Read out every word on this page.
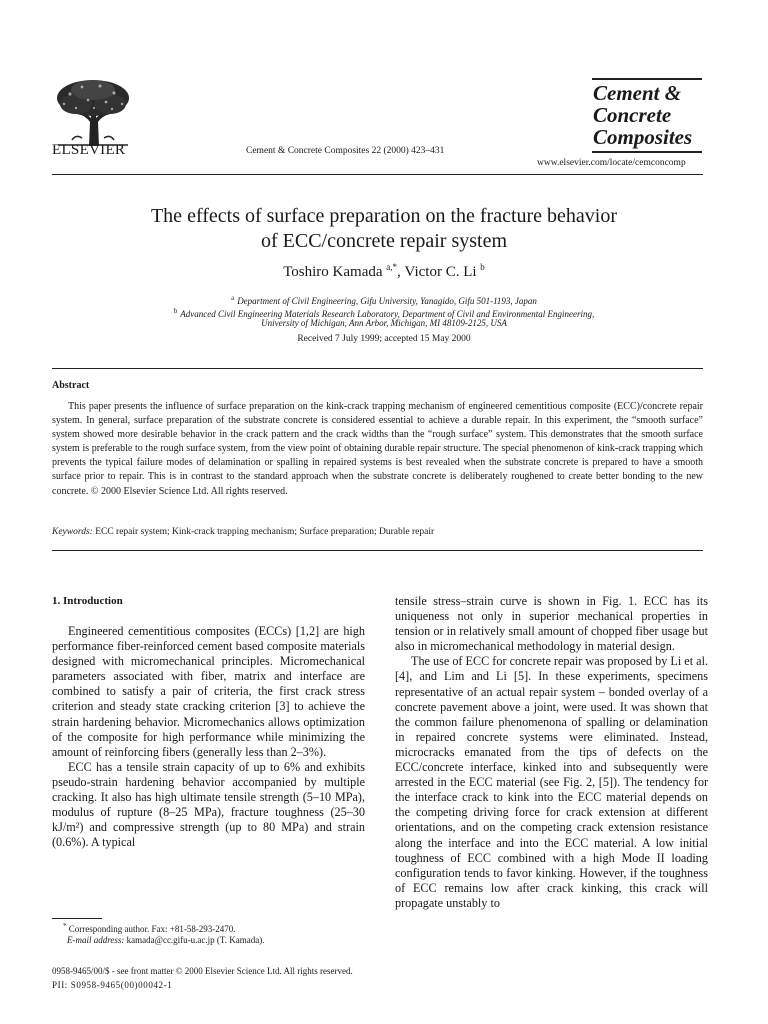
ELSEVIER	Cement & Concrete Composites 22 (2000) 423–431
Cement &
Concrete
Composites
www.elsevier.com/locate/cemconcomp
The effects of surface preparation on the fracture behavior
of ECC/concrete repair system
Toshiro Kamada $^{a,*}$, Victor C. Li $^b$
$^a$ Department of Civil Engineering, Gifu University, Yanagido, Gifu 501-1193, Japan
$^b$ Advanced Civil Engineering Materials Research Laboratory, Department of Civil and Environmental Engineering,
University of Michigan, Ann Arbor, Michigan, MI 48109-2125, USA
Received 7 July 1999; accepted 15 May 2000
Abstract
This paper presents the influence of surface preparation on the kink-crack trapping mechanism of engineered cementitious composite (ECC)/concrete repair system. In general, surface preparation of the substrate concrete is considered essential to achieve a durable repair. In this experiment, the “smooth surface” system showed more desirable behavior in the crack pattern and the crack widths than the “rough surface” system. This demonstrates that the smooth surface system is preferable to the rough surface system, from the view point of obtaining durable repair structure. The special phenomenon of kink-crack trapping which prevents the typical failure modes of delamination or spalling in repaired systems is best revealed when the substrate concrete is prepared to have a smooth surface prior to repair. This is in contrast to the standard approach when the substrate concrete is deliberately roughened to create better bonding to the new concrete. © 2000 Elsevier Science Ltd. All rights reserved.
Keywords: ECC repair system; Kink-crack trapping mechanism; Surface preparation; Durable repair
1. Introduction

Engineered cementitious composites (ECCs) [1,2] are high performance fiber-reinforced cement based composite materials designed with micromechanical principles. Micromechanical parameters associated with fiber, matrix and interface are combined to satisfy a pair of criteria, the first crack stress criterion and steady state cracking criterion [3] to achieve the strain hardening behavior. Micromechanics allows optimization of the composite for high performance while minimizing the amount of reinforcing fibers (generally less than 2–3%).

ECC has a tensile strain capacity of up to 6% and exhibits pseudo-strain hardening behavior accompanied by multiple cracking. It also has high ultimate tensile strength (5–10 MPa), modulus of rupture (8–25 MPa), fracture toughness (25–30 kJ/m²) and compressive strength (up to 80 MPa) and strain (0.6%). A typical

tensile stress–strain curve is shown in Fig. 1. ECC has its uniqueness not only in superior mechanical properties in tension or in relatively small amount of chopped fiber usage but also in micromechanical methodology in material design.

The use of ECC for concrete repair was proposed by Li et al. [4], and Lim and Li [5]. In these experiments, specimens representative of an actual repair system – bonded overlay of a concrete pavement above a joint, were used. It was shown that the common failure phenomenona of spalling or delamination in repaired concrete systems were eliminated. Instead, microcracks emanated from the tips of defects on the ECC/concrete interface, kinked into and subsequently were arrested in the ECC material (see Fig. 2, [5]). The tendency for the interface crack to kink into the ECC material depends on the competing driving force for crack extension at different orientations, and on the competing crack extension resistance along the interface and into the ECC material. A low initial toughness of ECC combined with a high Mode II loading configuration tends to favor kinking. However, if the toughness of ECC remains low after crack kinking, this crack will propagate unstably to

* Corresponding author. Fax: +81-58-293-2470.
E-mail address: kamada@cc.gifu-u.ac.jp (T. Kamada).
0958-9465/00/$ - see front matter © 2000 Elsevier Science Ltd. All rights reserved.
PII: S0958-9465(00)00042-1
